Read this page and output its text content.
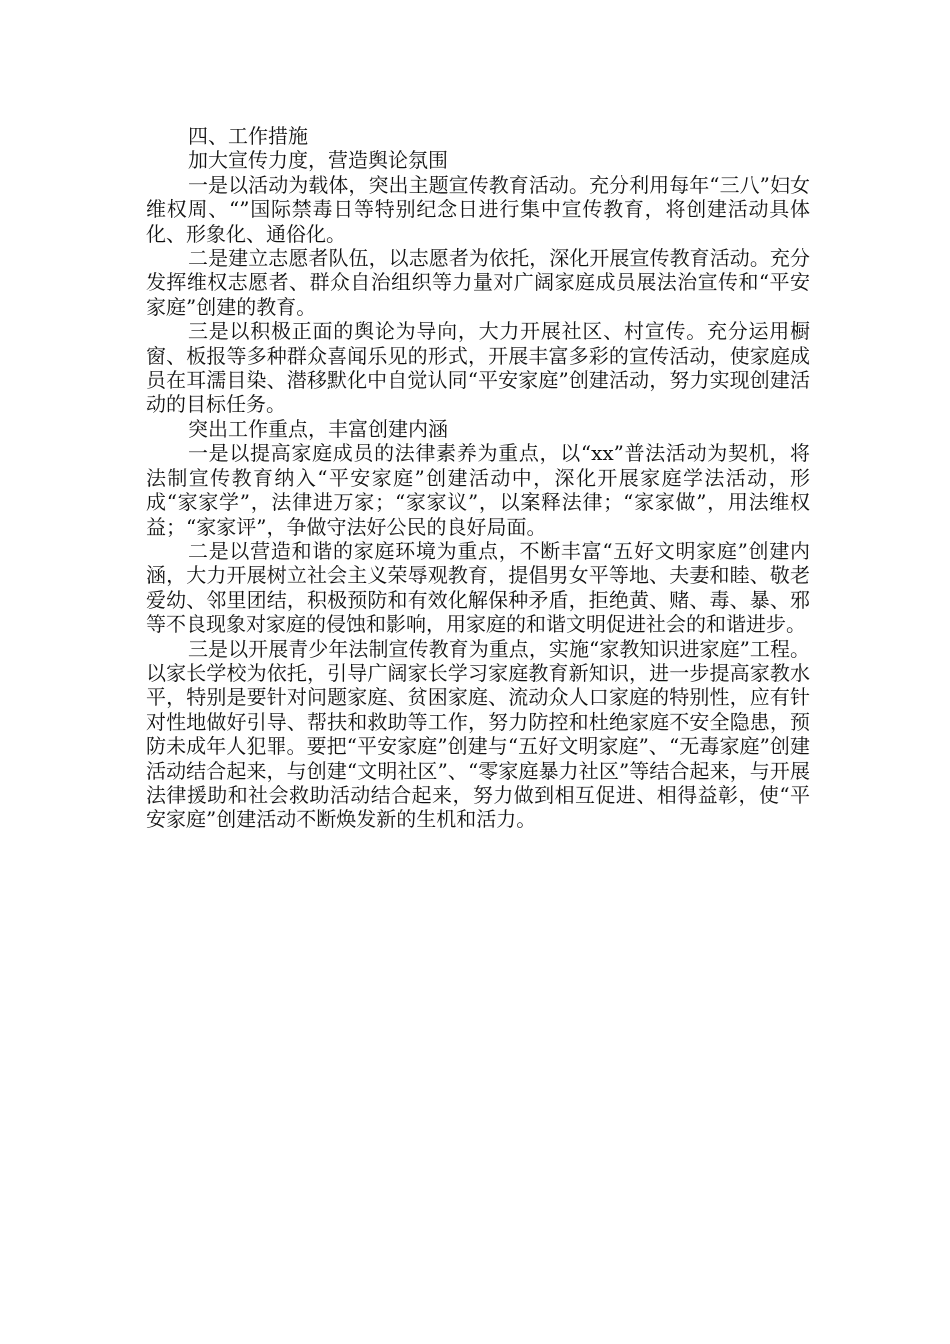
四、工作措施

加大宣传力度，营造舆论氛围

一是以活动为载体，突出主题宣传教育活动。充分利用每年“三八”妇女维权周、“”国际禁毒日等特别纪念日进行集中宣传教育，将创建活动具体化、形象化、通俗化。

二是建立志愿者队伍，以志愿者为依托，深化开展宣传教育活动。充分发挥维权志愿者、群众自治组织等力量对广阔家庭成员展法治宣传和“平安家庭”创建的教育。

三是以积极正面的舆论为导向，大力开展社区、村宣传。充分运用橱窗、板报等多种群众喜闻乐见的形式，开展丰富多彩的宣传活动，使家庭成员在耳濡目染、潜移默化中自觉认同“平安家庭”创建活动，努力实现创建活动的目标任务。

突出工作重点，丰富创建内涵

一是以提高家庭成员的法律素养为重点，以“xx”普法活动为契机，将法制宣传教育纳入“平安家庭”创建活动中，深化开展家庭学法活动，形成“家家学”，法律进万家；“家家议”，以案释法律；“家家做”，用法维权益；“家家评”，争做守法好公民的良好局面。

二是以营造和谐的家庭环境为重点，不断丰富“五好文明家庭”创建内涵，大力开展树立社会主义荣辱观教育，提倡男女平等地、夫妻和睦、敬老爱幼、邻里团结，积极预防和有效化解保种矛盾，拒绝黄、赌、毒、暴、邪等不良现象对家庭的侵蚀和影响，用家庭的和谐文明促进社会的和谐进步。

三是以开展青少年法制宣传教育为重点，实施“家教知识进家庭”工程。以家长学校为依托，引导广阔家长学习家庭教育新知识，进一步提高家教水平，特别是要针对问题家庭、贫困家庭、流动众人口家庭的特别性，应有针对性地做好引导、帮扶和救助等工作，努力防控和杜绝家庭不安全隐患，预防未成年人犯罪。要把“平安家庭”创建与“五好文明家庭”、“无毒家庭”创建活动结合起来，与创建“文明社区”、“零家庭暴力社区”等结合起来，与开展法律援助和社会救助活动结合起来，努力做到相互促进、相得益彰，使“平安家庭”创建活动不断焕发新的生机和活力。
